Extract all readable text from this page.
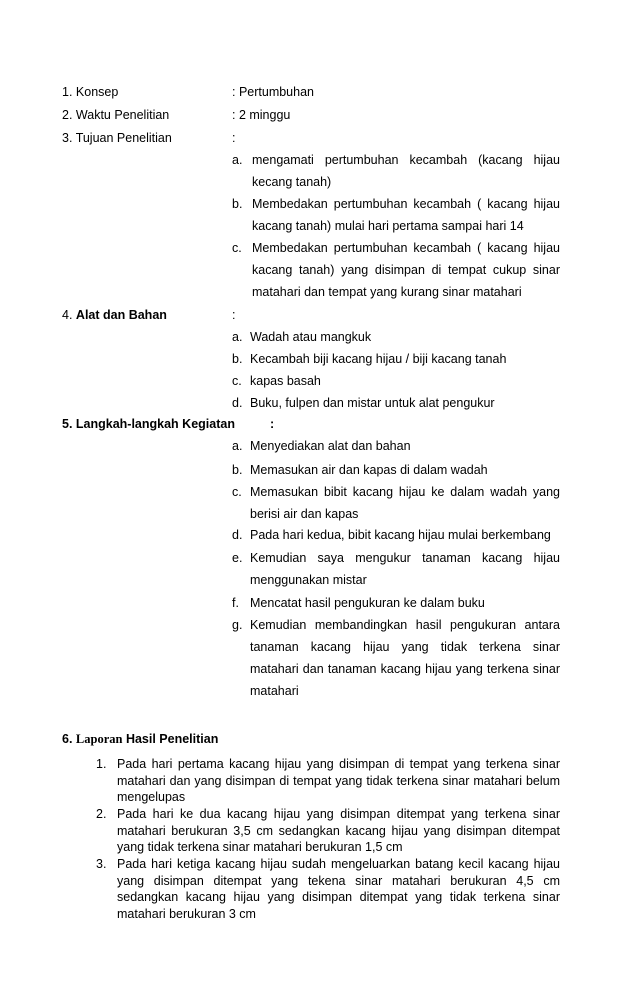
1. Konsep	: Pertumbuhan
2. Waktu Penelitian	: 2 minggu
3. Tujuan Penelitian	:
a. mengamati pertumbuhan kecambah (kacang hijau kecang tanah)
b. Membedakan pertumbuhan kecambah ( kacang hijau kacang tanah) mulai hari pertama sampai hari 14
c. Membedakan pertumbuhan kecambah ( kacang hijau kacang tanah) yang disimpan di tempat cukup sinar matahari dan tempat yang kurang sinar matahari
4. Alat dan Bahan	:
a. Wadah atau mangkuk
b. Kecambah biji kacang hijau / biji kacang tanah
c. kapas basah
d. Buku, fulpen dan mistar untuk alat pengukur
5. Langkah-langkah Kegiatan	:
a. Menyediakan alat dan bahan
b. Memasukan air dan kapas di dalam wadah
c. Memasukan bibit kacang hijau ke dalam wadah yang berisi air dan kapas
d. Pada hari kedua, bibit kacang hijau mulai berkembang
e. Kemudian saya mengukur tanaman kacang hijau menggunakan mistar
f. Mencatat hasil pengukuran ke dalam buku
g. Kemudian membandingkan hasil pengukuran antara tanaman kacang hijau yang tidak terkena sinar matahari dan tanaman kacang hijau yang terkena sinar matahari
6. Laporan Hasil Penelitian
1. Pada hari pertama kacang hijau yang disimpan di tempat yang terkena sinar matahari dan yang disimpan di tempat yang tidak terkena sinar matahari belum mengelupas
2. Pada hari ke dua kacang hijau yang disimpan ditempat yang terkena sinar matahari berukuran 3,5 cm sedangkan kacang hijau yang disimpan ditempat yang tidak terkena sinar matahari berukuran 1,5 cm
3. Pada hari ketiga kacang hijau sudah mengeluarkan batang kecil kacang hijau yang disimpan ditempat yang tekena sinar matahari berukuran 4,5 cm sedangkan kacang hijau yang disimpan ditempat yang tidak terkena sinar matahari berukuran 3 cm
